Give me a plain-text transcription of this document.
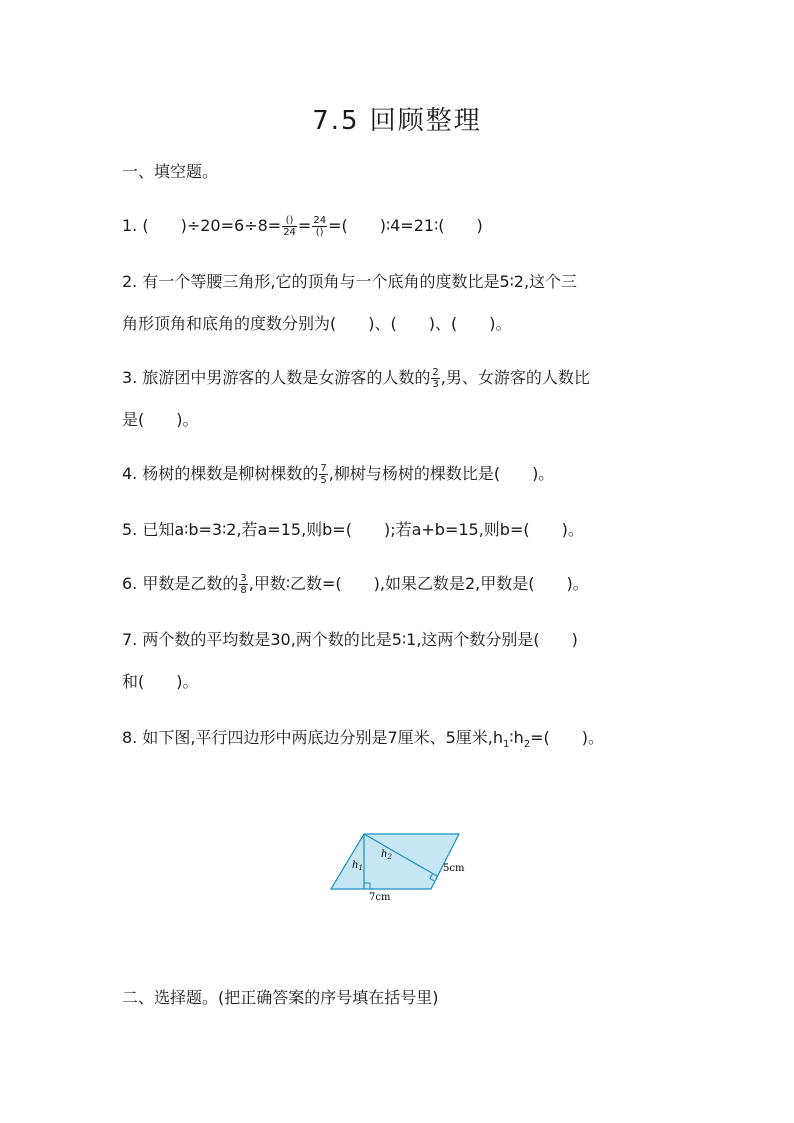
7.5 回顾整理
一、填空题。
1. (　　)$\div 20=6\div 8= \frac{()}{24} = \frac{24}{()}$ =(　　)∶4=21∶(　　)
2. 有一个等腰三角形,它的顶角与一个底角的度数比是5∶2,这个三
角形顶角和底角的度数分别为(　　)、(　　)、(　　)。
3. 旅游团中男游客的人数是女游客的人数的 $\frac{2}{3}$ ,男、女游客的人数比
是(　　)。
4. 杨树的棵数是柳树棵数的 $\frac{7}{5}$ ,柳树与杨树的棵数比是(　　)。
5. 已知a∶b=3∶2,若a=15,则b=(　　);若a+b=15,则b=(　　)。
6. 甲数是乙数的 $\frac{3}{8}$ ,甲数∶乙数=(　　),如果乙数是2,甲数是(　　)。
7. 两个数的平均数是30,两个数的比是5∶1,这两个数分别是(　　)
和(　　)。
8. 如下图,平行四边形中两底边分别是7厘米、5厘米$,h_1∶h_2=$(　　)。
$h_1$
$h_2$
5cm
7cm
二、选择题。(把正确答案的序号填在括号里)
